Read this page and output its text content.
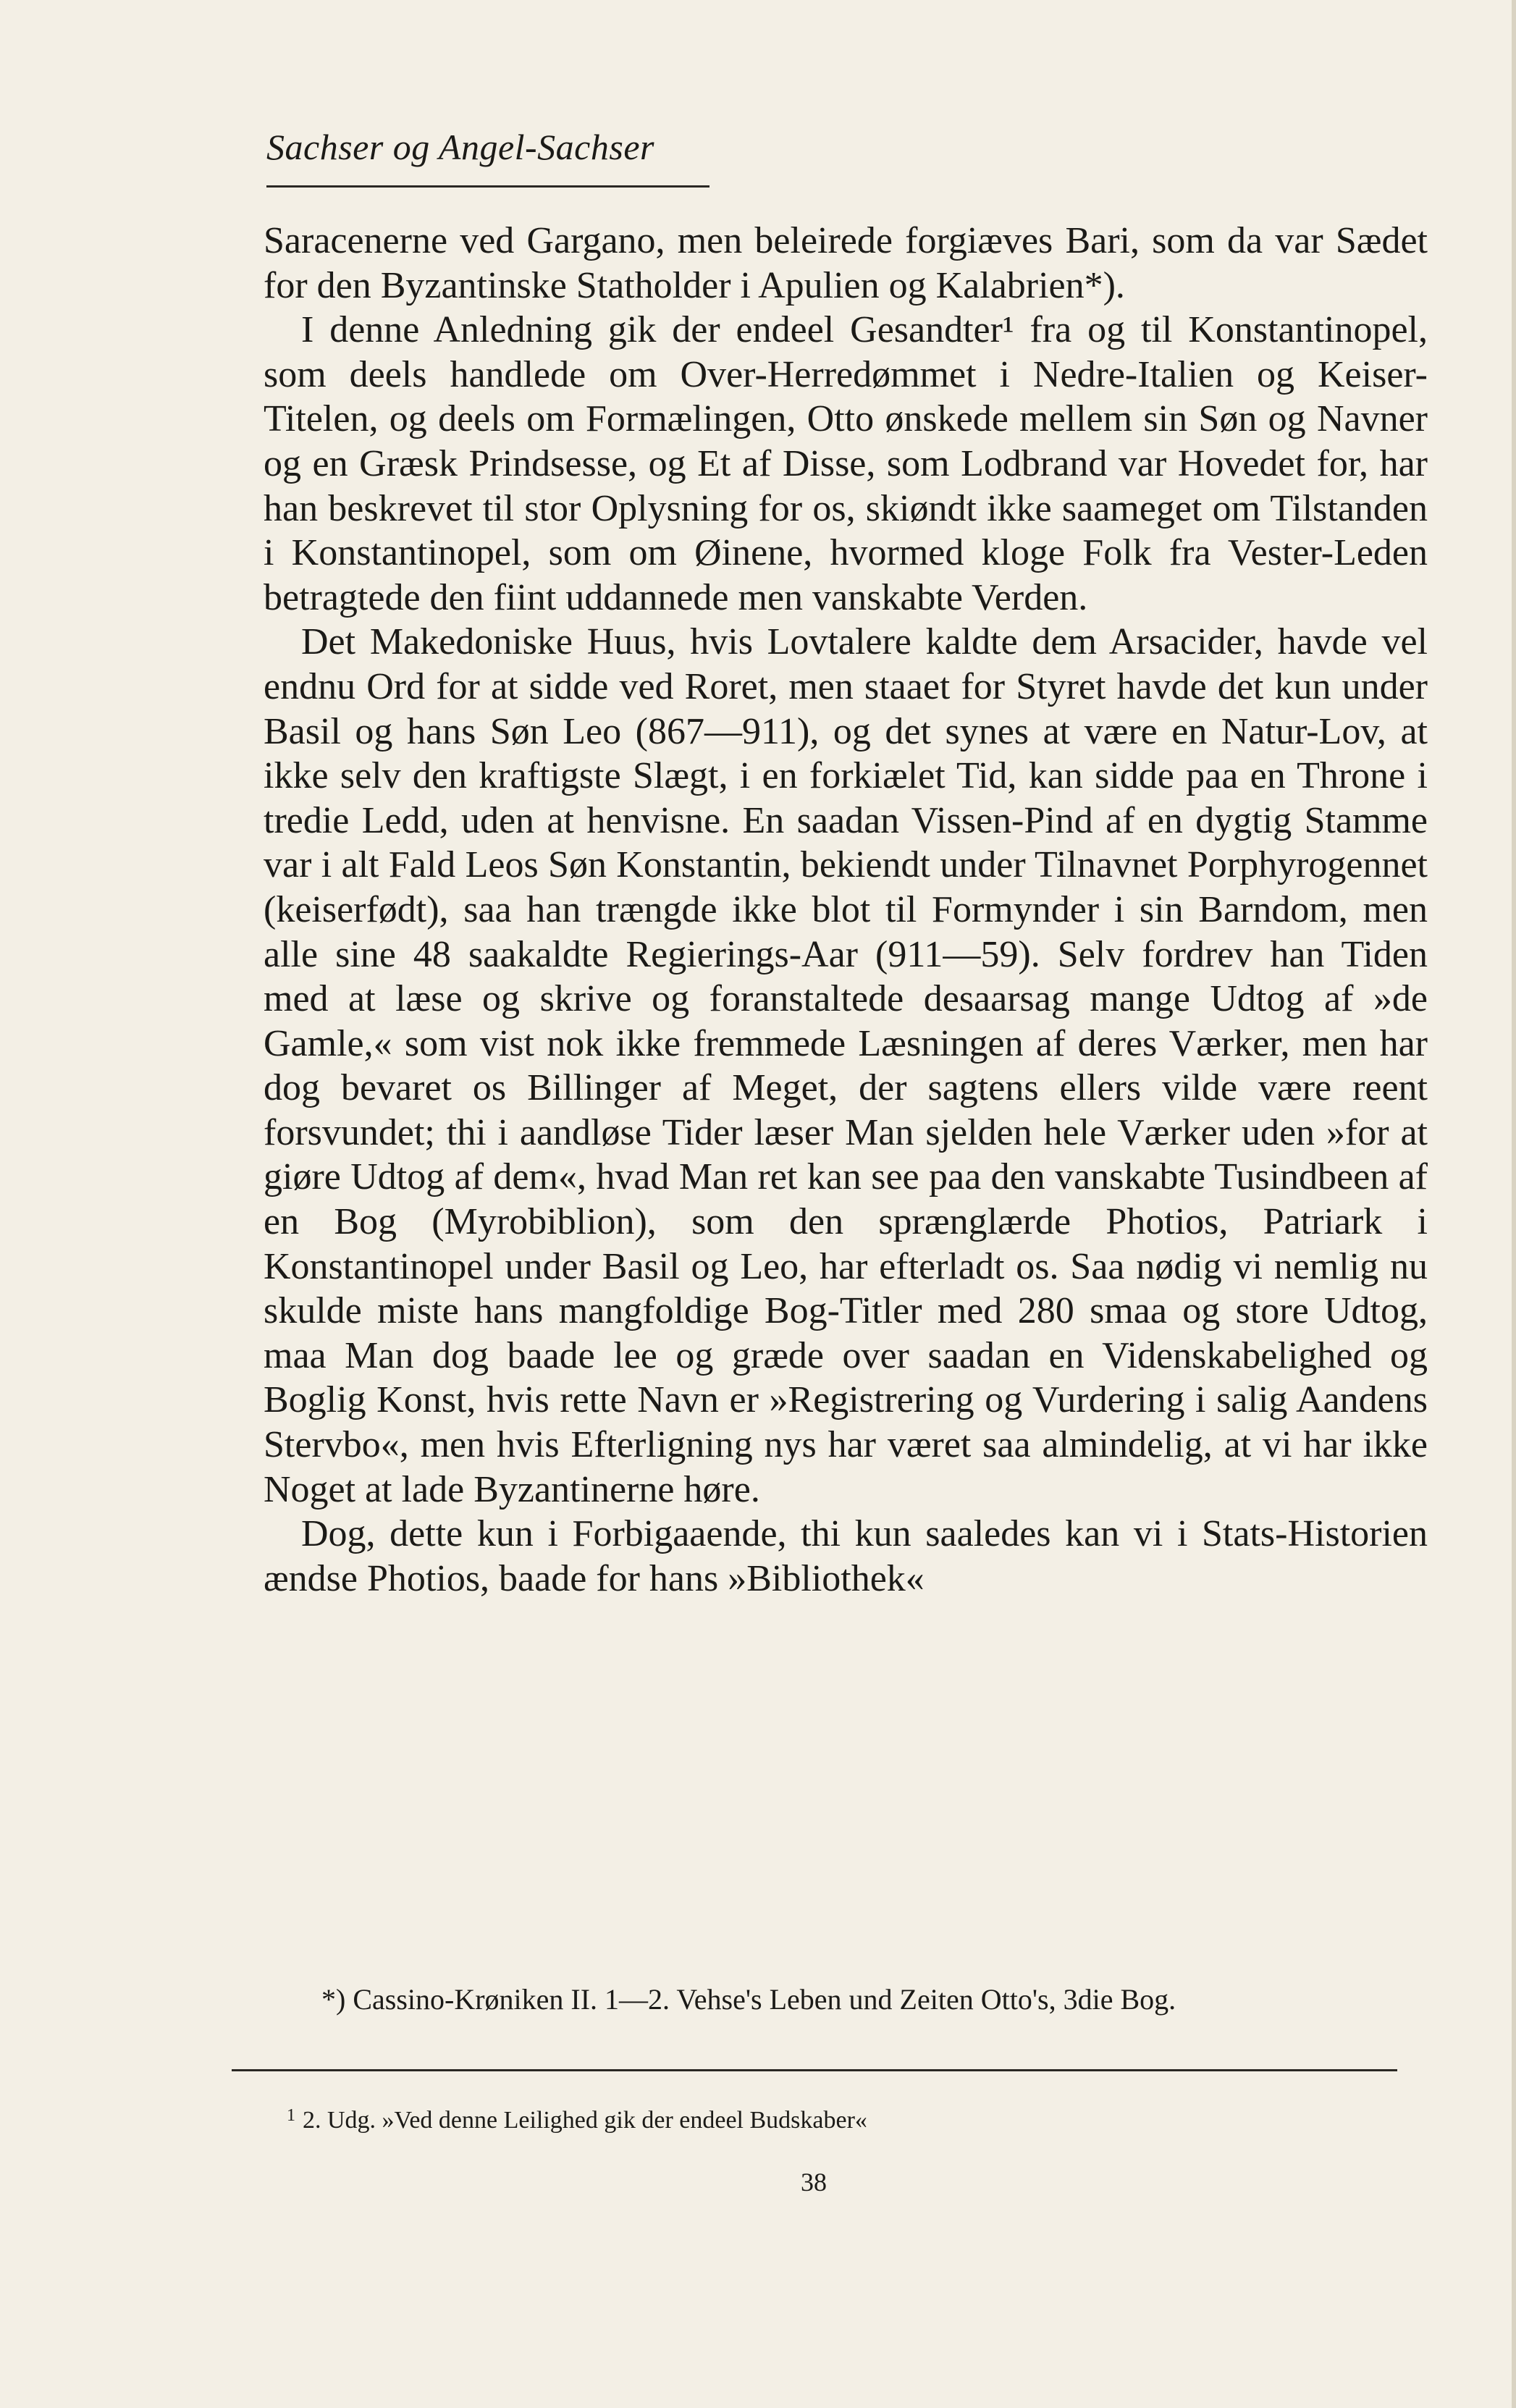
Sachser og Angel-Sachser

Saracenerne ved Gargano, men beleirede forgiæves Bari, som da var Sædet for den Byzantinske Statholder i Apulien og Kalabrien*).

I denne Anledning gik der endeel Gesandter¹ fra og til Konstantinopel, som deels handlede om Over-Herredømmet i Nedre-Italien og Keiser-Titelen, og deels om Formælingen, Otto ønskede mellem sin Søn og Navner og en Græsk Prindsesse, og Et af Disse, som Lodbrand var Hovedet for, har han beskrevet til stor Oplysning for os, skiøndt ikke saameget om Tilstanden i Konstantinopel, som om Øinene, hvormed kloge Folk fra Vester-Leden betragtede den fiint uddannede men vanskabte Verden.

Det Makedoniske Huus, hvis Lovtalere kaldte dem Arsacider, havde vel endnu Ord for at sidde ved Roret, men staaet for Styret havde det kun under Basil og hans Søn Leo (867—911), og det synes at være en Natur-Lov, at ikke selv den kraftigste Slægt, i en forkiælet Tid, kan sidde paa en Throne i tredie Ledd, uden at henvisne. En saadan Vissen-Pind af en dygtig Stamme var i alt Fald Leos Søn Konstantin, bekiendt under Tilnavnet Porphyrogennet (keiserfødt), saa han trængde ikke blot til Formynder i sin Barndom, men alle sine 48 saakaldte Regierings-Aar (911—59). Selv fordrev han Tiden med at læse og skrive og foranstaltede desaarsag mange Udtog af »de Gamle,« som vist nok ikke fremmede Læsningen af deres Værker, men har dog bevaret os Billinger af Meget, der sagtens ellers vilde være reent forsvundet; thi i aandløse Tider læser Man sjelden hele Værker uden »for at giøre Udtog af dem«, hvad Man ret kan see paa den vanskabte Tusindbeen af en Bog (Myrobiblion), som den sprænglærde Photios, Patriark i Konstantinopel under Basil og Leo, har efterladt os. Saa nødig vi nemlig nu skulde miste hans mangfoldige Bog-Titler med 280 smaa og store Udtog, maa Man dog baade lee og græde over saadan en Videnskabelighed og Boglig Konst, hvis rette Navn er »Registrering og Vurdering i salig Aandens Stervbo«, men hvis Efterligning nys har været saa almindelig, at vi har ikke Noget at lade Byzantinerne høre.

Dog, dette kun i Forbigaaende, thi kun saaledes kan vi i Stats-Historien ændse Photios, baade for hans »Bibliothek«

*) Cassino-Krøniken II. 1—2. Vehse's Leben und Zeiten Otto's, 3die Bog.
$^1$ 2. Udg. »Ved denne Leilighed gik der endeel Budskaber«
38
